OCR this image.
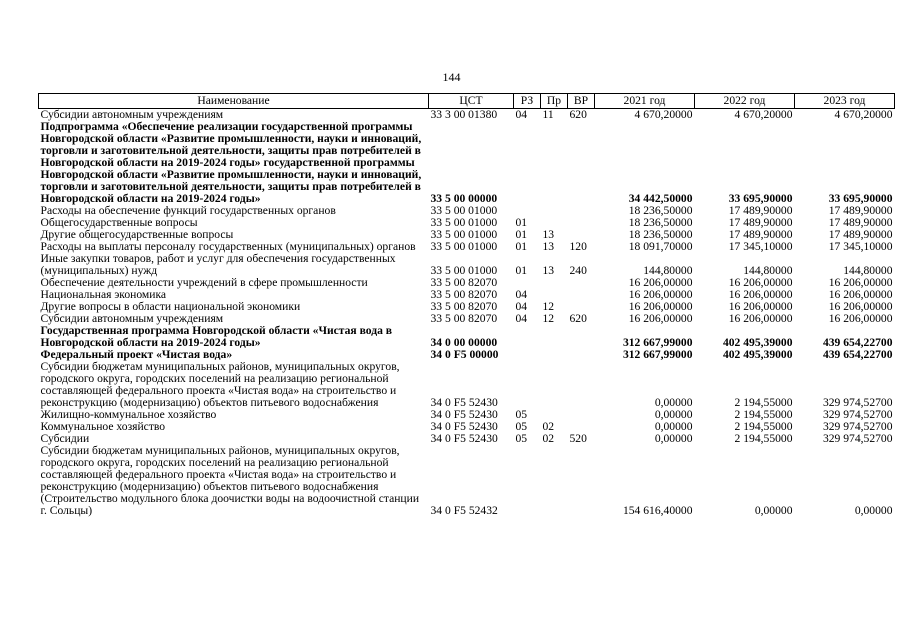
144
Наименование	ЦСТ	РЗ	Пр	ВР	2021 год	2022 год	2023 год
Субсидии автономным учреждениям	33 3 00 01380	04	11	620	4 670,20000	4 670,20000	4 670,20000
Подпрограмма «Обеспечение реализации государственной программы Новгородской области «Развитие промышленности, науки и инноваций, торговли и заготовительной деятельности, защиты прав потребителей в Новгородской области на 2019-2024 годы» государственной программы Новгородской области «Развитие промышленности, науки и инноваций, торговли и заготовительной деятельности, защиты прав потребителей в Новгородской области на 2019-2024 годы»	33 5 00 00000				34 442,50000	33 695,90000	33 695,90000
Расходы на обеспечение функций государственных органов	33 5 00 01000				18 236,50000	17 489,90000	17 489,90000
Общегосударственные вопросы	33 5 00 01000	01			18 236,50000	17 489,90000	17 489,90000
Другие общегосударственные вопросы	33 5 00 01000	01	13		18 236,50000	17 489,90000	17 489,90000
Расходы на выплаты персоналу государственных (муниципальных) органов	33 5 00 01000	01	13	120	18 091,70000	17 345,10000	17 345,10000
Иные закупки товаров, работ и услуг для обеспечения государственных (муниципальных) нужд	33 5 00 01000	01	13	240	144,80000	144,80000	144,80000
Обеспечение деятельности учреждений в сфере промышленности	33 5 00 82070				16 206,00000	16 206,00000	16 206,00000
Национальная экономика	33 5 00 82070	04			16 206,00000	16 206,00000	16 206,00000
Другие вопросы в области национальной экономики	33 5 00 82070	04	12		16 206,00000	16 206,00000	16 206,00000
Субсидии автономным учреждениям	33 5 00 82070	04	12	620	16 206,00000	16 206,00000	16 206,00000
Государственная программа Новгородской области «Чистая вода в Новгородской области на 2019-2024 годы»	34 0 00 00000				312 667,99000	402 495,39000	439 654,22700
Федеральный проект «Чистая вода»	34 0 F5 00000				312 667,99000	402 495,39000	439 654,22700
Субсидии бюджетам муниципальных районов, муниципальных округов, городского округа, городских поселений на реализацию региональной составляющей федерального проекта «Чистая вода» на строительство и реконструкцию (модернизацию) объектов питьевого водоснабжения	34 0 F5 52430				0,00000	2 194,55000	329 974,52700
Жилищно-коммунальное хозяйство	34 0 F5 52430	05			0,00000	2 194,55000	329 974,52700
Коммунальное хозяйство	34 0 F5 52430	05	02		0,00000	2 194,55000	329 974,52700
Субсидии	34 0 F5 52430	05	02	520	0,00000	2 194,55000	329 974,52700
Субсидии бюджетам муниципальных районов, муниципальных округов, городского округа, городских поселений на реализацию региональной составляющей федерального проекта «Чистая вода» на строительство и реконструкцию (модернизацию) объектов питьевого водоснабжения (Строительство модульного блока доочистки воды на водоочистной станции г. Сольцы)	34 0 F5 52432				154 616,40000	0,00000	0,00000
